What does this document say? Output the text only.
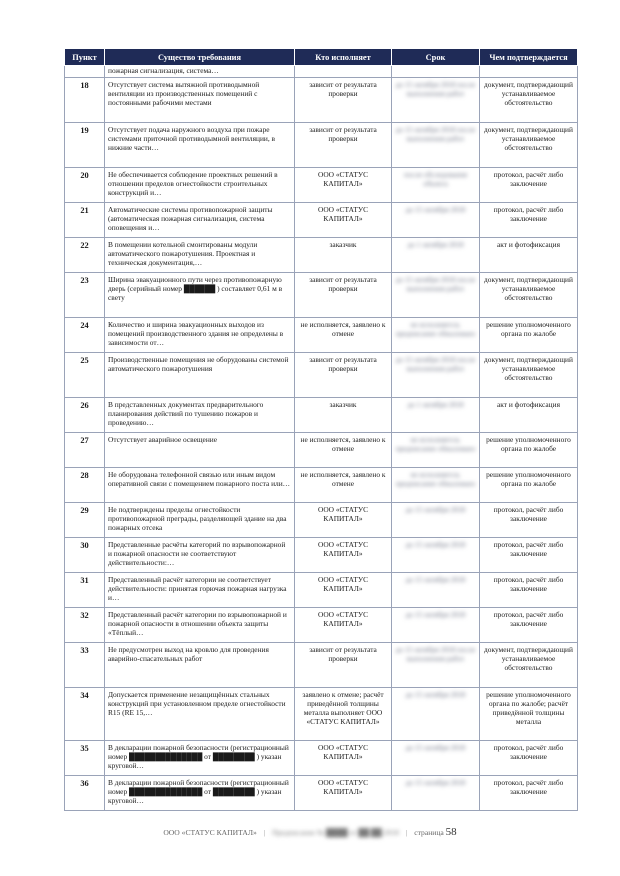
Пункт	Существо требования	Кто исполняет	Срок	Чем подтверждается
	пожарная сигнализация, система…			
18	Отсутствует система вытяжной противодымной вентиляции из производственных помещений с постоянными рабочими местами	зависит от результата проверки	до 15 октября 2018 после выполнения работ	документ, подтверждающий устанавливаемое обстоятельство
19	Отсутствует подача наружного воздуха при пожаре системами приточной противодымной вентиляции, в нижние части…	зависит от результата проверки	до 15 октября 2018 после выполнения работ	документ, подтверждающий устанавливаемое обстоятельство
20	Не обеспечивается соблюдение проектных решений в отношении пределов огнестойкости строительных конструкций и…	ООО «СТАТУС КАПИТАЛ»	после обследования объекта	протокол, расчёт либо заключение
21	Автоматические системы противопожарной защиты (автоматическая пожарная сигнализация, система оповещения и…	ООО «СТАТУС КАПИТАЛ»	до 15 октября 2018	протокол, расчёт либо заключение
22	В помещении котельной смонтированы модули автоматического пожаротушения. Проектная и техническая документация,…	заказчик	до 1 октября 2018	акт и фотофиксация
23	Ширина эвакуационного пути через противопожарную дверь (серийный номер ██████ ) составляет 0,61 м в свету	зависит от результата проверки	до 15 октября 2018 после выполнения работ	документ, подтверждающий устанавливаемое обстоятельство
24	Количество и ширина эвакуационных выходов из помещений производственного здания не определены в зависимости от…	не исполняется, заявлено к отмене	не исполняется, предписание обжаловано	решение уполномоченного органа по жалобе
25	Производственные помещения не оборудованы системой автоматического пожаротушения	зависит от результата проверки	до 15 октября 2018 после выполнения работ	документ, подтверждающий устанавливаемое обстоятельство
26	В представленных документах предварительного планирования действий по тушению пожаров и проведению…	заказчик	до 1 октября 2018	акт и фотофиксация
27	Отсутствует аварийное освещение	не исполняется, заявлено к отмене	не исполняется, предписание обжаловано	решение уполномоченного органа по жалобе
28	Не оборудована телефонной связью или иным видом оперативной связи с помещением пожарного поста или…	не исполняется, заявлено к отмене	не исполняется, предписание обжаловано	решение уполномоченного органа по жалобе
29	Не подтверждены пределы огнестойкости противопожарной преграды, разделяющей здание на два пожарных отсека	ООО «СТАТУС КАПИТАЛ»	до 15 октября 2018	протокол, расчёт либо заключение
30	Представленные расчёты категорий по взрывопожарной и пожарной опасности не соответствуют действительности:…	ООО «СТАТУС КАПИТАЛ»	до 15 октября 2018	протокол, расчёт либо заключение
31	Представленный расчёт категории не соответствует действительности: принятая горючая пожарная нагрузка и…	ООО «СТАТУС КАПИТАЛ»	до 15 октября 2018	протокол, расчёт либо заключение
32	Представленный расчёт категории по взрывопожарной и пожарной опасности в отношении объекта защиты «Тёплый…	ООО «СТАТУС КАПИТАЛ»	до 15 октября 2018	протокол, расчёт либо заключение
33	Не предусмотрен выход на кровлю для проведения аварийно-спасательных работ	зависит от результата проверки	до 15 октября 2018 после выполнения работ	документ, подтверждающий устанавливаемое обстоятельство
34	Допускается применение незащищённых стальных конструкций при установленном пределе огнестойкости R15 (RE 15,…	заявлено к отмене; расчёт приведённой толщины металла выполняет ООО «СТАТУС КАПИТАЛ»	до 15 октября 2018	решение уполномоченного органа по жалобе; расчёт приведённой толщины металла
35	В декларации пожарной безопасности (регистрационный номер ██████████████ от ████████ ) указан круговой…	ООО «СТАТУС КАПИТАЛ»	до 15 октября 2018	протокол, расчёт либо заключение
36	В декларации пожарной безопасности (регистрационный номер ██████████████ от ████████ ) указан круговой…	ООО «СТАТУС КАПИТАЛ»	до 15 октября 2018	протокол, расчёт либо заключение
ООО «СТАТУС КАПИТАЛ» | Предписание № ████ от ██.██.2018 | страница 58
